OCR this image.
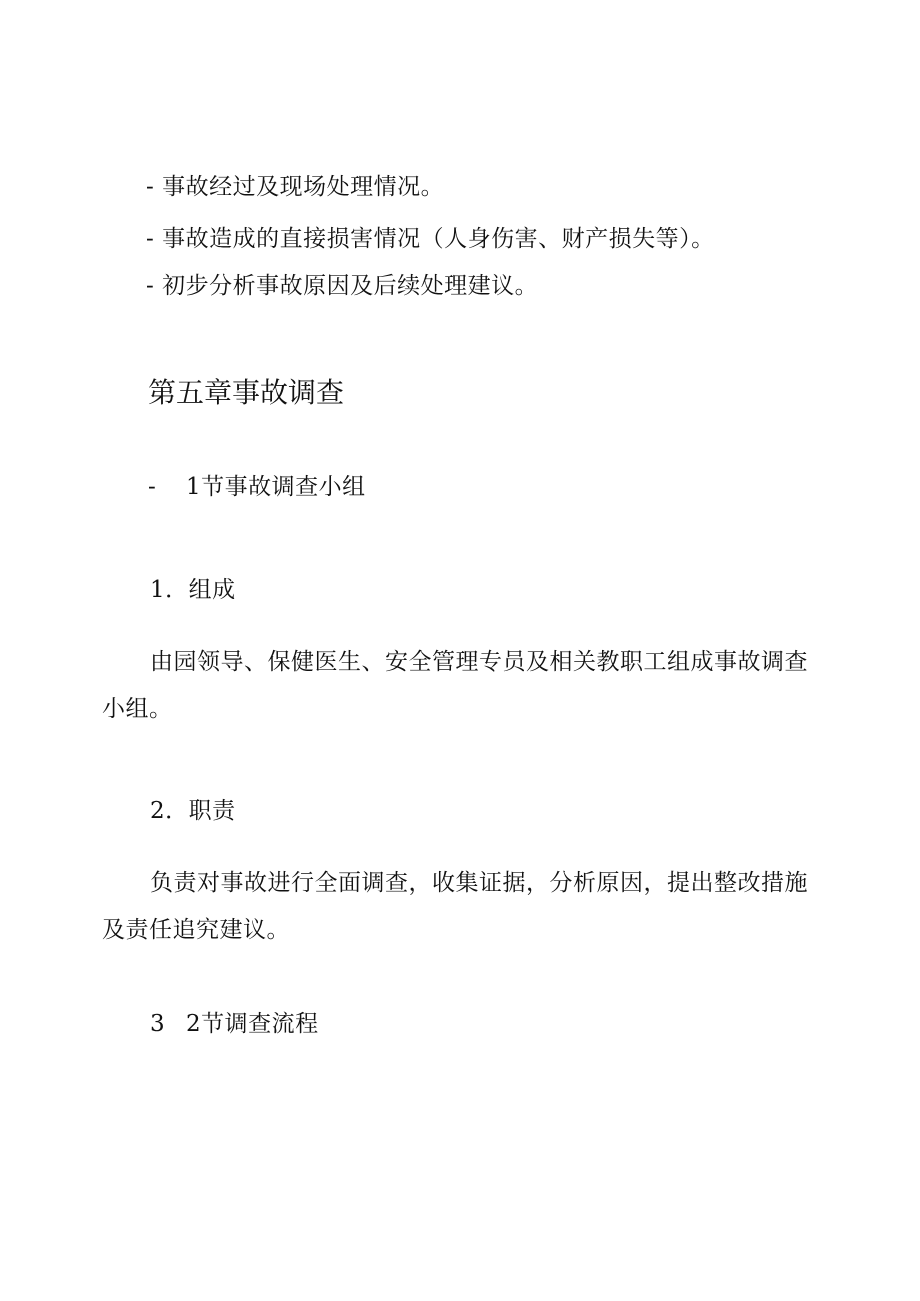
- 事故经过及现场处理情况。
- 事故造成的直接损害情况（人身伤害、财产损失等）。
- 初步分析事故原因及后续处理建议。
第五章事故调查
- 1节事故调查小组
1．组成
由园领导、保健医生、安全管理专员及相关教职工组成事故调查小组。
2．职责
负责对事故进行全面调查，收集证据，分析原因，提出整改措施及责任追究建议。
3 2节调查流程
